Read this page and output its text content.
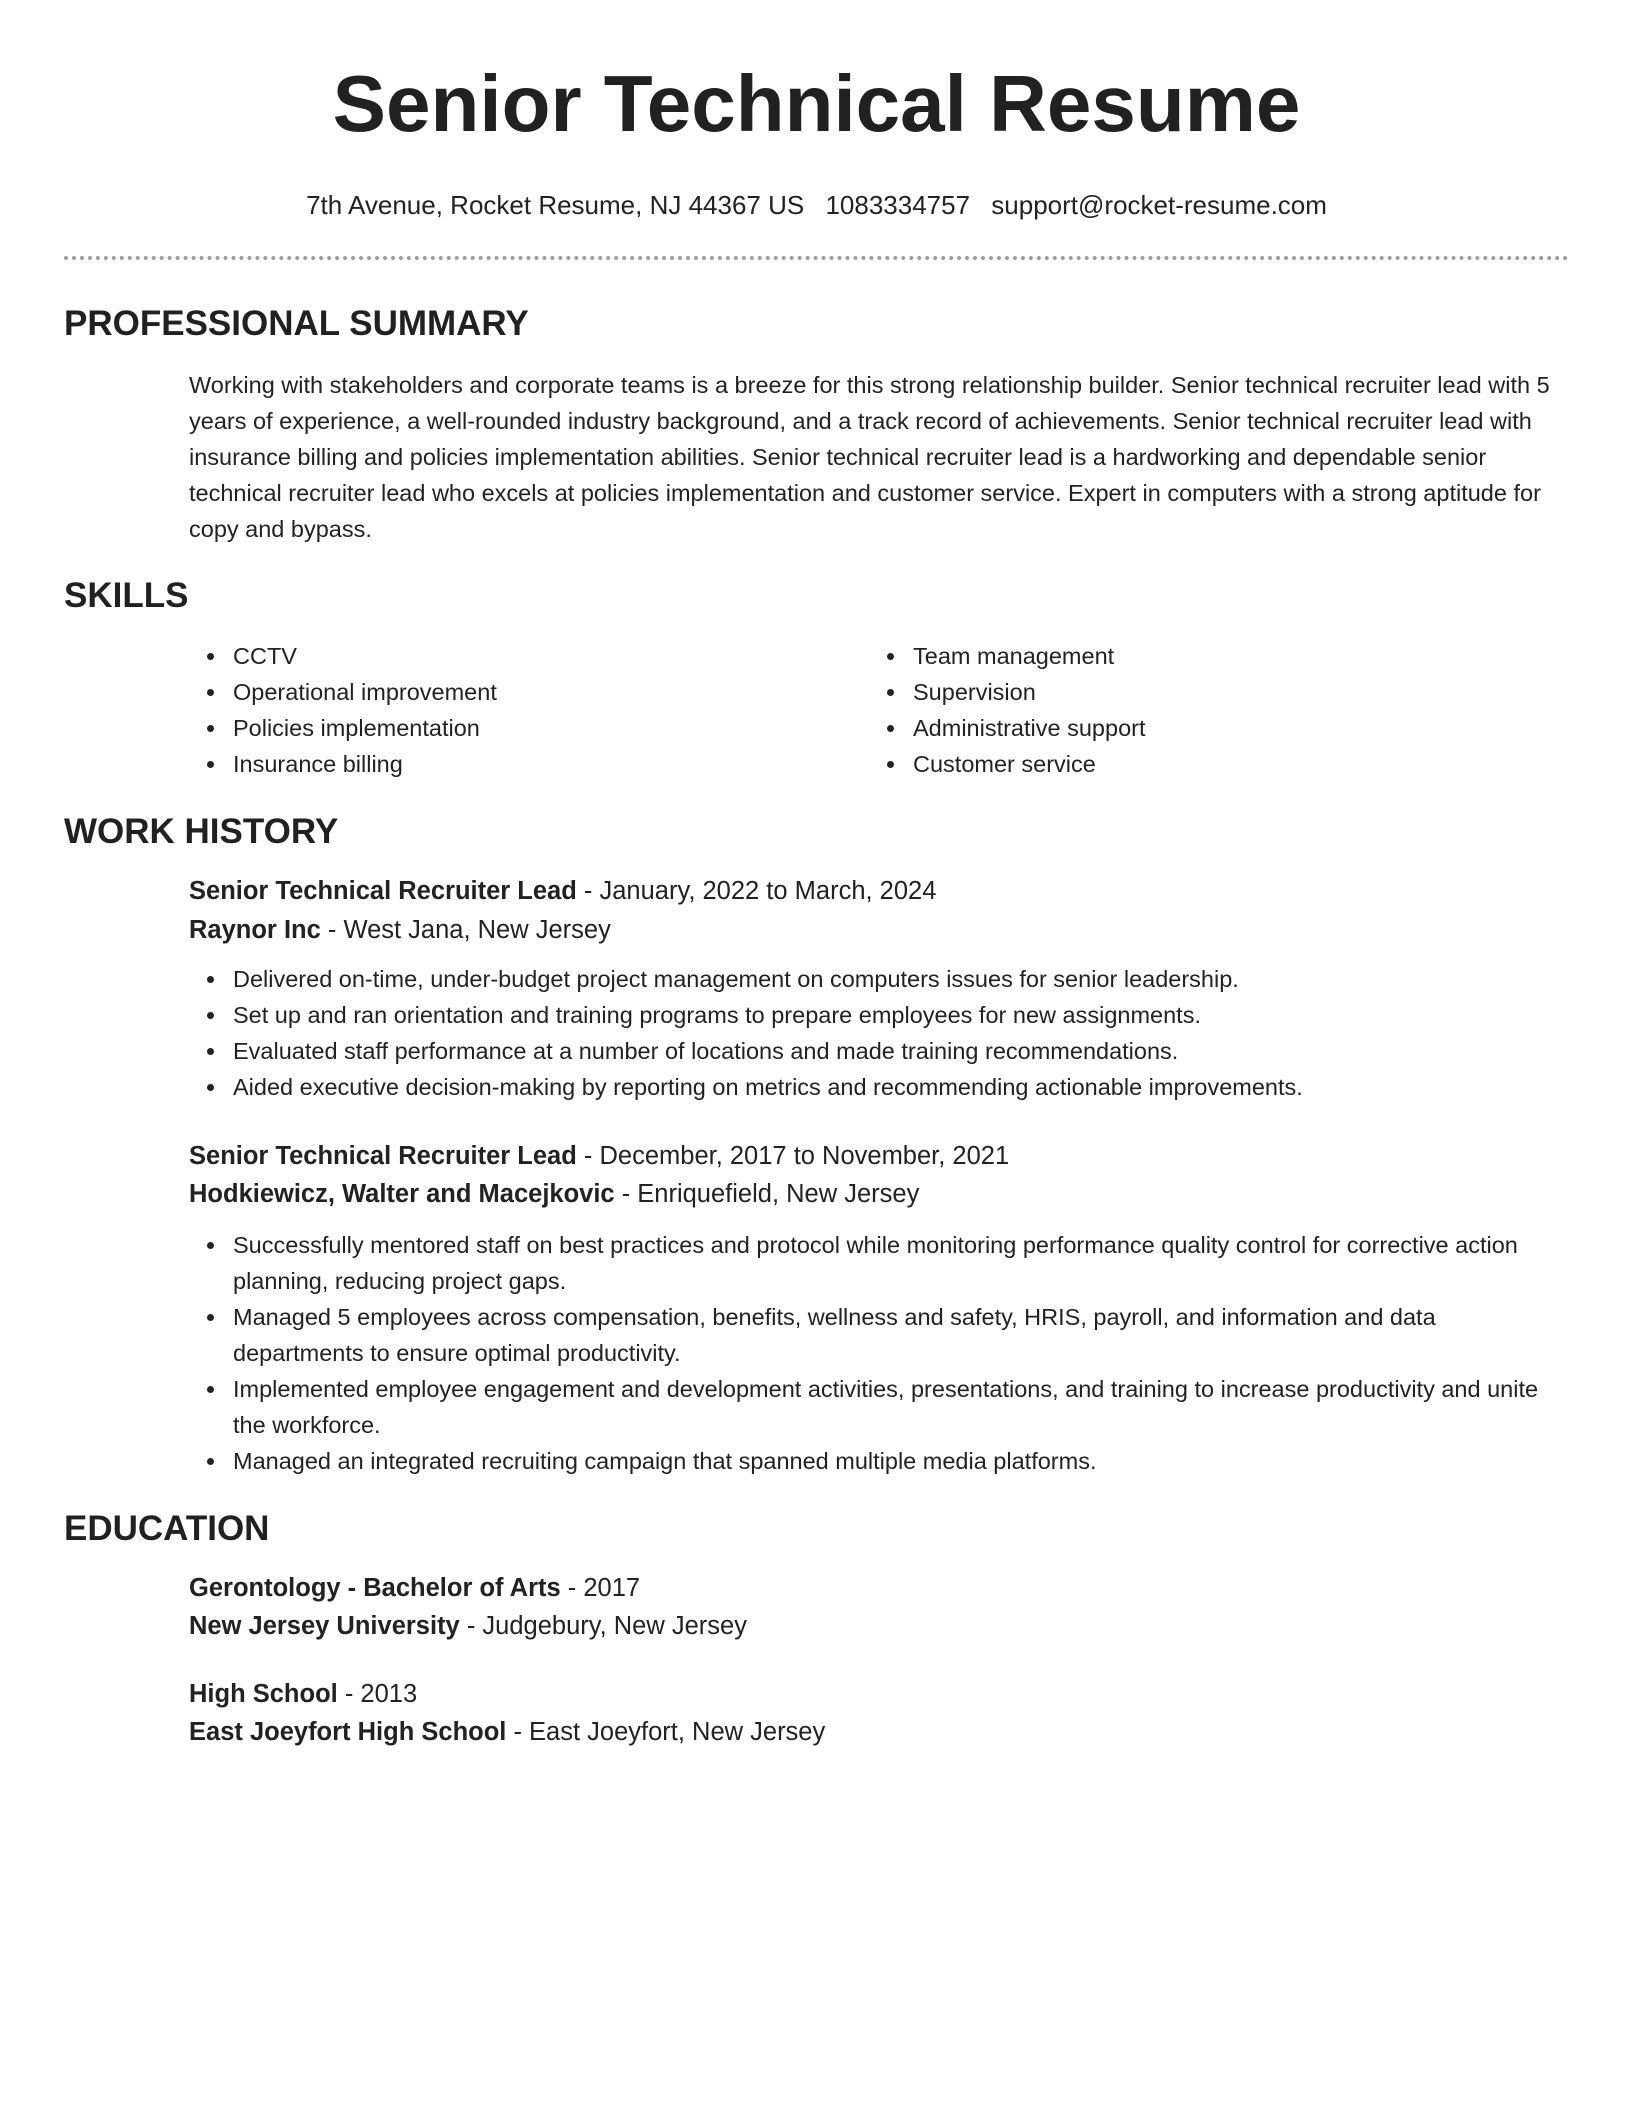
Senior Technical Resume
7th Avenue, Rocket Resume, NJ 44367 US 1083334757 support@rocket-resume.com
PROFESSIONAL SUMMARY

Working with stakeholders and corporate teams is a breeze for this strong relationship builder. Senior technical recruiter lead with 5 years of experience, a well-rounded industry background, and a track record of achievements. Senior technical recruiter lead with insurance billing and policies implementation abilities. Senior technical recruiter lead is a hardworking and dependable senior technical recruiter lead who excels at policies implementation and customer service. Expert in computers with a strong aptitude for copy and bypass.

SKILLS
CCTV
Operational improvement
Policies implementation
Insurance billing
Team management
Supervision
Administrative support
Customer service
WORK HISTORY
Senior Technical Recruiter Lead - January, 2022 to March, 2024
Raynor Inc - West Jana, New Jersey
Delivered on-time, under-budget project management on computers issues for senior leadership.
Set up and ran orientation and training programs to prepare employees for new assignments.
Evaluated staff performance at a number of locations and made training recommendations.
Aided executive decision-making by reporting on metrics and recommending actionable improvements.
Senior Technical Recruiter Lead - December, 2017 to November, 2021
Hodkiewicz, Walter and Macejkovic - Enriquefield, New Jersey
Successfully mentored staff on best practices and protocol while monitoring performance quality control for corrective action planning, reducing project gaps.
Managed 5 employees across compensation, benefits, wellness and safety, HRIS, payroll, and information and data departments to ensure optimal productivity.
Implemented employee engagement and development activities, presentations, and training to increase productivity and unite the workforce.
Managed an integrated recruiting campaign that spanned multiple media platforms.
EDUCATION
Gerontology - Bachelor of Arts - 2017
New Jersey University - Judgebury, New Jersey
High School - 2013
East Joeyfort High School - East Joeyfort, New Jersey
